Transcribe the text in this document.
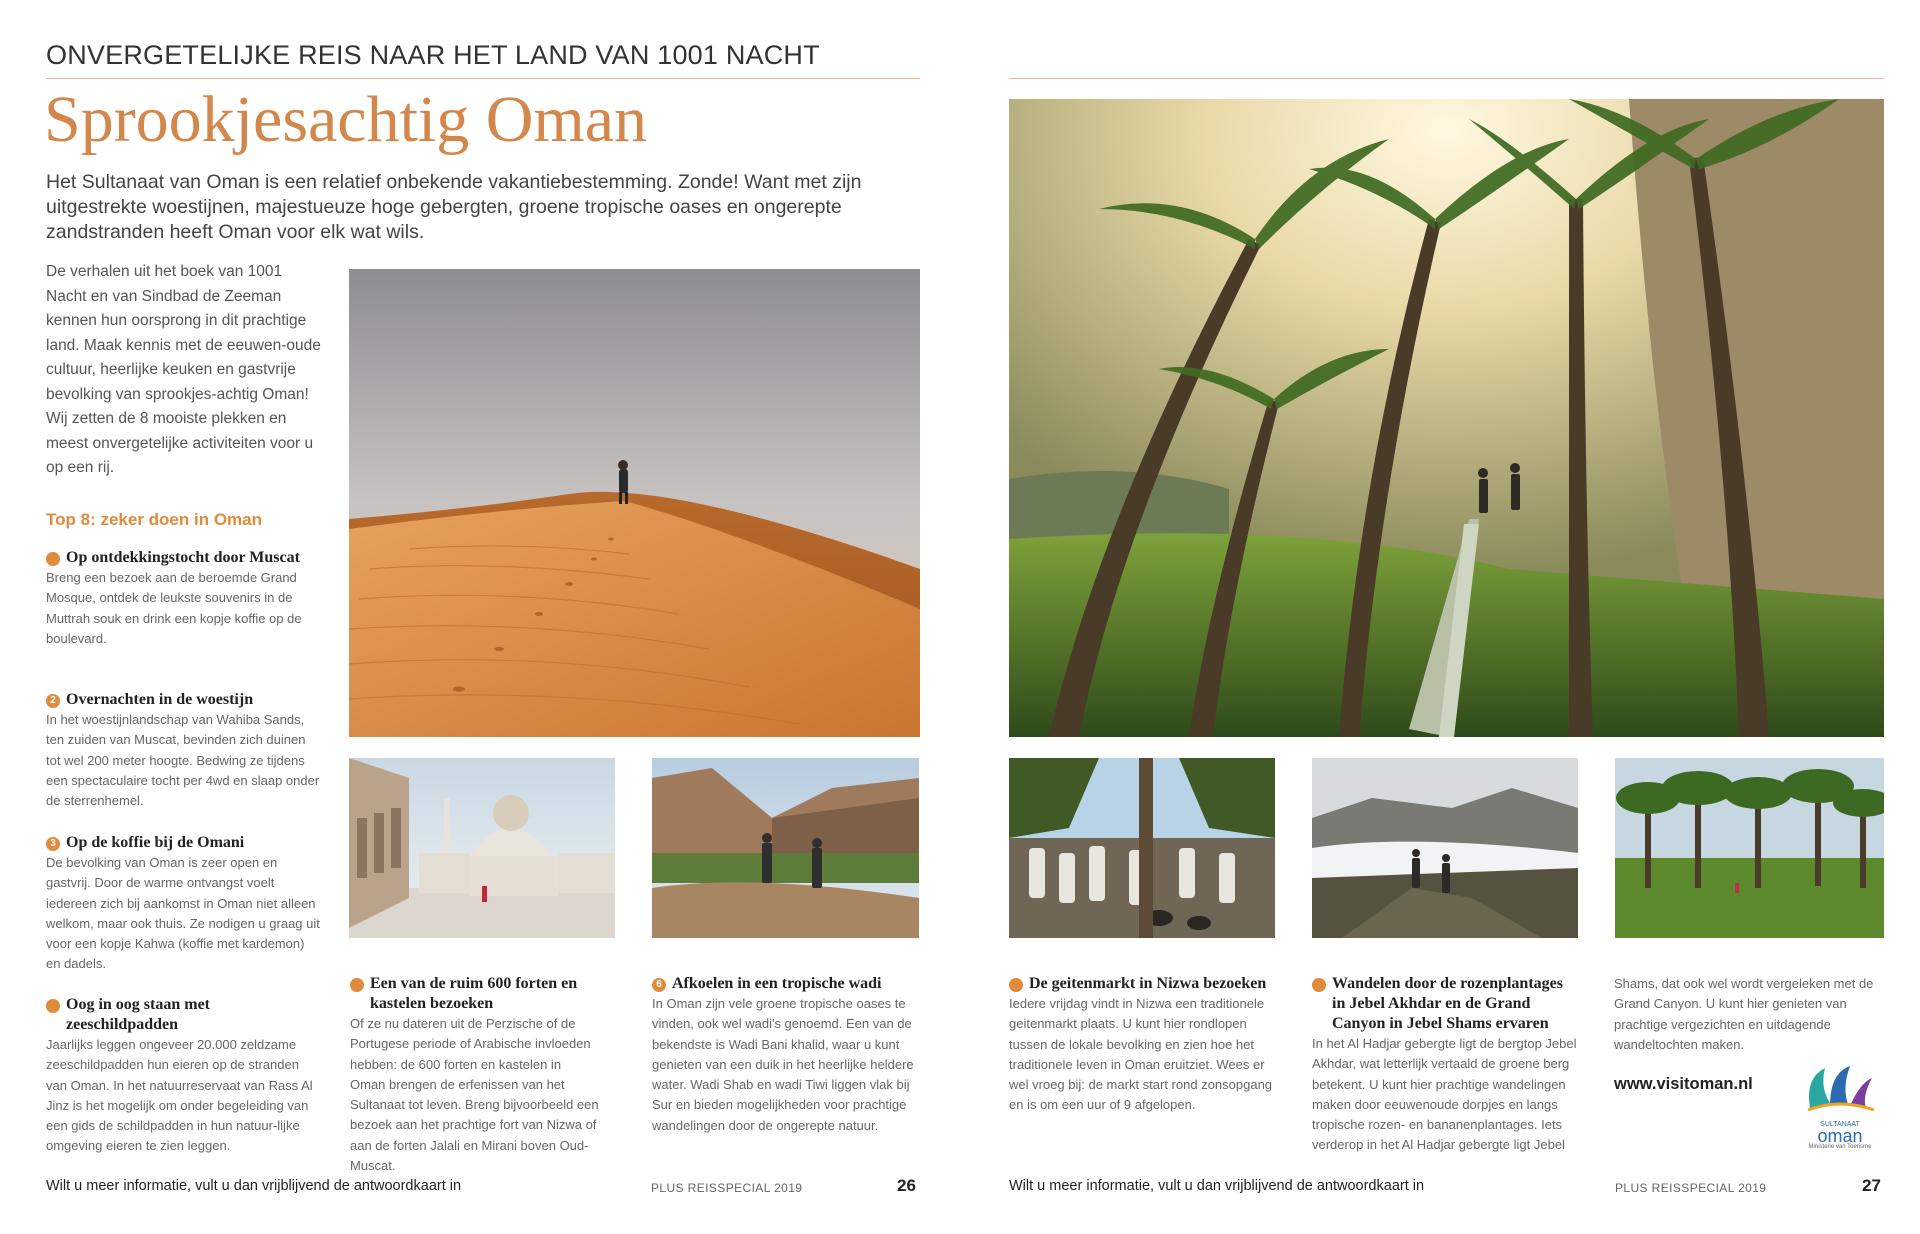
ONVERGETELIJKE REIS NAAR HET LAND VAN 1001 NACHT
Sprookjesachtig Oman
Het Sultanaat van Oman is een relatief onbekende vakantiebestemming. Zonde! Want met zijn uitgestrekte woestijnen, majestueuze hoge gebergten, groene tropische oases en ongerepte zandstranden heeft Oman voor elk wat wils.
De verhalen uit het boek van 1001 Nacht en van Sindbad de Zeeman kennen hun oorsprong in dit prachtige land. Maak kennis met de eeuwen-oude cultuur, heerlijke keuken en gastvrije bevolking van sprookjes-achtig Oman! Wij zetten de 8 mooiste plekken en meest onvergetelijke activiteiten voor u op een rij.
Top 8: zeker doen in Oman
1 Op ontdekkingstocht door Muscat
Breng een bezoek aan de beroemde Grand Mosque, ontdek de leukste souvenirs in de Muttrah souk en drink een kopje koffie op de boulevard.
2 Overnachten in de woestijn
In het woestijnlandschap van Wahiba Sands, ten zuiden van Muscat, bevinden zich duinen tot wel 200 meter hoogte. Bedwing ze tijdens een spectaculaire tocht per 4wd en slaap onder de sterrenhemel.
3 Op de koffie bij de Omani
De bevolking van Oman is zeer open en gastvrij. Door de warme ontvangst voelt iedereen zich bij aankomst in Oman niet alleen welkom, maar ook thuis. Ze nodigen u graag uit voor een kopje Kahwa (koffie met kardemon) en dadels.
4 Oog in oog staan met zeeschildpadden
Jaarlijks leggen ongeveer 20.000 zeldzame zeeschildpadden hun eieren op de stranden van Oman. In het natuurreservaat van Rass Al Jinz is het mogelijk om onder begeleiding van een gids de schildpadden in hun natuur-lijke omgeving eieren te zien leggen.
5 Een van de ruim 600 forten en kastelen bezoeken
Of ze nu dateren uit de Perzische of de Portugese periode of Arabische invloeden hebben: de 600 forten en kastelen in Oman brengen de erfenissen van het Sultanaat tot leven. Breng bijvoorbeeld een bezoek aan het prachtige fort van Nizwa of aan de forten Jalali en Mirani boven Oud-Muscat.
6 Afkoelen in een tropische wadi
In Oman zijn vele groene tropische oases te vinden, ook wel wadi's genoemd. Een van de bekendste is Wadi Bani khalid, waar u kunt genieten van een duik in het heerlijke heldere water. Wadi Shab en wadi Tiwi liggen vlak bij Sur en bieden mogelijkheden voor prachtige wandelingen door de ongerepte natuur.
Wilt u meer informatie, vult u dan vrijblijvend de antwoordkaart in	PLUS REISSPECIAL 2019	26
7 De geitenmarkt in Nizwa bezoeken
Iedere vrijdag vindt in Nizwa een traditionele geitenmarkt plaats. U kunt hier rondlopen tussen de lokale bevolking en zien hoe het traditionele leven in Oman eruitziet. Wees er wel vroeg bij: de markt start rond zonsopgang en is om een uur of 9 afgelopen.
8 Wandelen door de rozenplantages in Jebel Akhdar en de Grand Canyon in Jebel Shams ervaren
In het Al Hadjar gebergte ligt de bergtop Jebel Akhdar, wat letterlijk vertaald de groene berg betekent. U kunt hier prachtige wandelingen maken door eeuwenoude dorpjes en langs tropische rozen- en bananenplantages. Iets verderop in het Al Hadjar gebergte ligt Jebel
Shams, dat ook wel wordt vergeleken met de Grand Canyon. U kunt hier genieten van prachtige vergezichten en uitdagende wandeltochten maken.
www.visitoman.nl
SULTANAAT
oman
Ministerie van Toerisme
Wilt u meer informatie, vult u dan vrijblijvend de antwoordkaart in	PLUS REISSPECIAL 2019	27
